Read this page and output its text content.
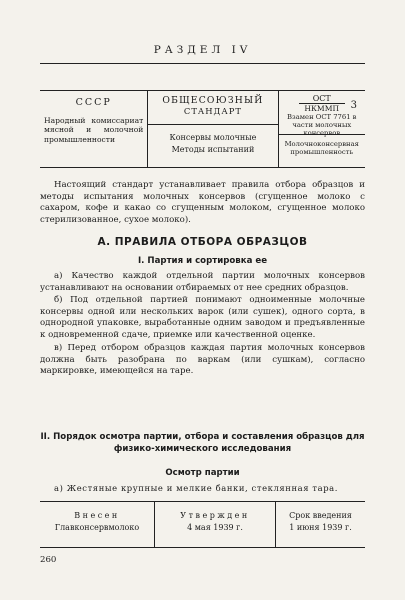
РАЗДЕЛ IV
СССР
Народный комиссариат мясной и молочной промышленности
ОБЩЕСОЮЗНЫЙ
СТАНДАРТ
Консервы молочные
Методы испытаний
$\frac{\text{ОСТ}}{\text{НКММП}} 3$
Взамен ОСТ 7761 в части молочных консервов
Молочноконсервная промышленность

Настоящий стандарт устанавливает правила отбора образцов и методы испытания молочных консервов (сгущенное молоко с сахаром, кофе и какао со сгущенным молоком, сгущенное молоко стерилизованное, сухое молоко).

А. ПРАВИЛА ОТБОРА ОБРАЗЦОВ
I. Партия и сортировка ее

а) Качество каждой отдельной партии молочных консервов устанавливают на основании отбираемых от нее средних образцов.

б) Под отдельной партией понимают одноименные молочные консервы одной или нескольких варок (или сушек), одного сорта, в однородной упаковке, выработанные одним заводом и предъявленные к одновременной сдаче, приемке или качественной оценке.

в) Перед отбором образцов каждая партия молочных консервов должна быть разобрана по варкам (или сушкам), согласно маркировке, имеющейся на таре.

II. Порядок осмотра партии, отбора и составления образцов для физико-химического исследования
Осмотр партии

а) Жестяные крупные и мелкие банки, стеклянная тара.

Внесен
Главконсервмолоко
Утвержден
4 мая 1939 г.
Срок введения
1 июня 1939 г.
260
